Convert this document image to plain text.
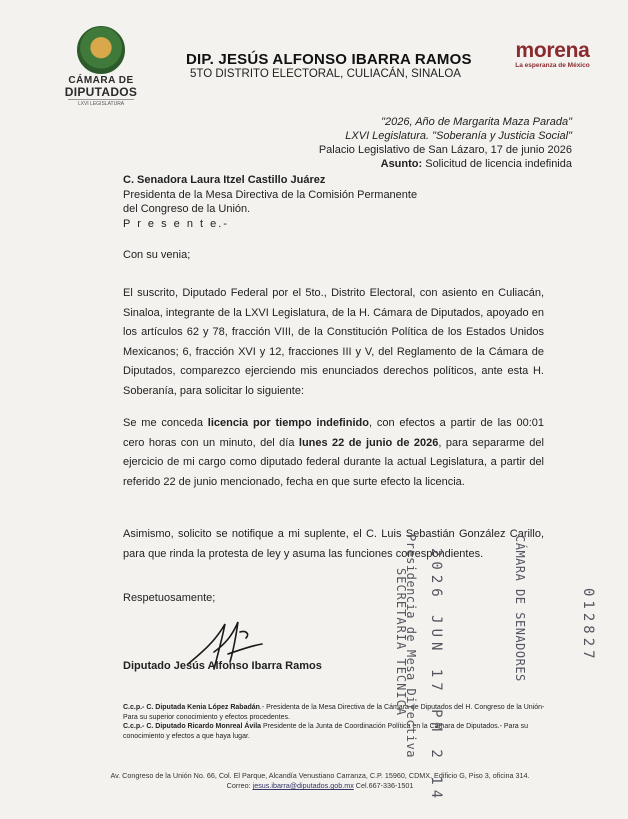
CÁMARA DE
DIPUTADOS
LXVI LEGISLATURA
DIP. JESÚS ALFONSO IBARRA RAMOS
5TO DISTRITO ELECTORAL, CULIACÁN, SINALOA
morena
La esperanza de México
"2026, Año de Margarita Maza Parada"
LXVI Legislatura. "Soberanía y Justicia Social"
Palacio Legislativo de San Lázaro, 17 de junio 2026
Asunto: Solicitud de licencia indefinida
C. Senadora Laura Itzel Castillo Juárez
Presidenta de la Mesa Directiva de la Comisión Permanente
del Congreso de la Unión.
P r e s e n t e.-
Con su venia;
El suscrito, Diputado Federal por el 5to., Distrito Electoral, con asiento en Culiacán, Sinaloa, integrante de la LXVI Legislatura, de la H. Cámara de Diputados, apoyado en los artículos 62 y 78, fracción VIII, de la Constitución Política de los Estados Unidos Mexicanos; 6, fracción XVI y 12, fracciones III y V, del Reglamento de la Cámara de Diputados, comparezco ejerciendo mis enunciados derechos políticos, ante esta H. Soberanía, para solicitar lo siguiente:
Se me conceda licencia por tiempo indefinido, con efectos a partir de las 00:01 cero horas con un minuto, del día lunes 22 de junio de 2026, para separarme del ejercicio de mi cargo como diputado federal durante la actual Legislatura, a partir del referido 22 de junio mencionado, fecha en que surte efecto la licencia.
Asimismo, solicito se notifique a mi suplente, el C. Luis Sebastián González Carillo, para que rinda la protesta de ley y asuma las funciones correspondientes.
Respetuosamente;
Diputado Jesús Alfonso Ibarra Ramos
C.c.p.- C. Diputada Kenia López Rabadán.- Presidenta de la Mesa Directiva de la Cámara de Diputados del H. Congreso de la Unión- Para su superior conocimiento y efectos procedentes.
C.c.p.- C. Diputado Ricardo Monreal Ávila Presidente de la Junta de Coordinación Política en la Cámara de Diputados.- Para su conocimiento y efectos a que haya lugar.
Av. Congreso de la Unión No. 66, Col. El Parque, Alcandía Venustiano Carranza, C.P. 15960, CDMX, Edificio G, Piso 3, oficina 314.
Correo: jesus.ibarra@diputados.gob.mx Cel.667-336-1501
SECRETARÍA TÉCNICA
Presidencia de Mesa Directiva 2026 JUN 17 PM 2 14	CÁMARA DE SENADORES	012827
